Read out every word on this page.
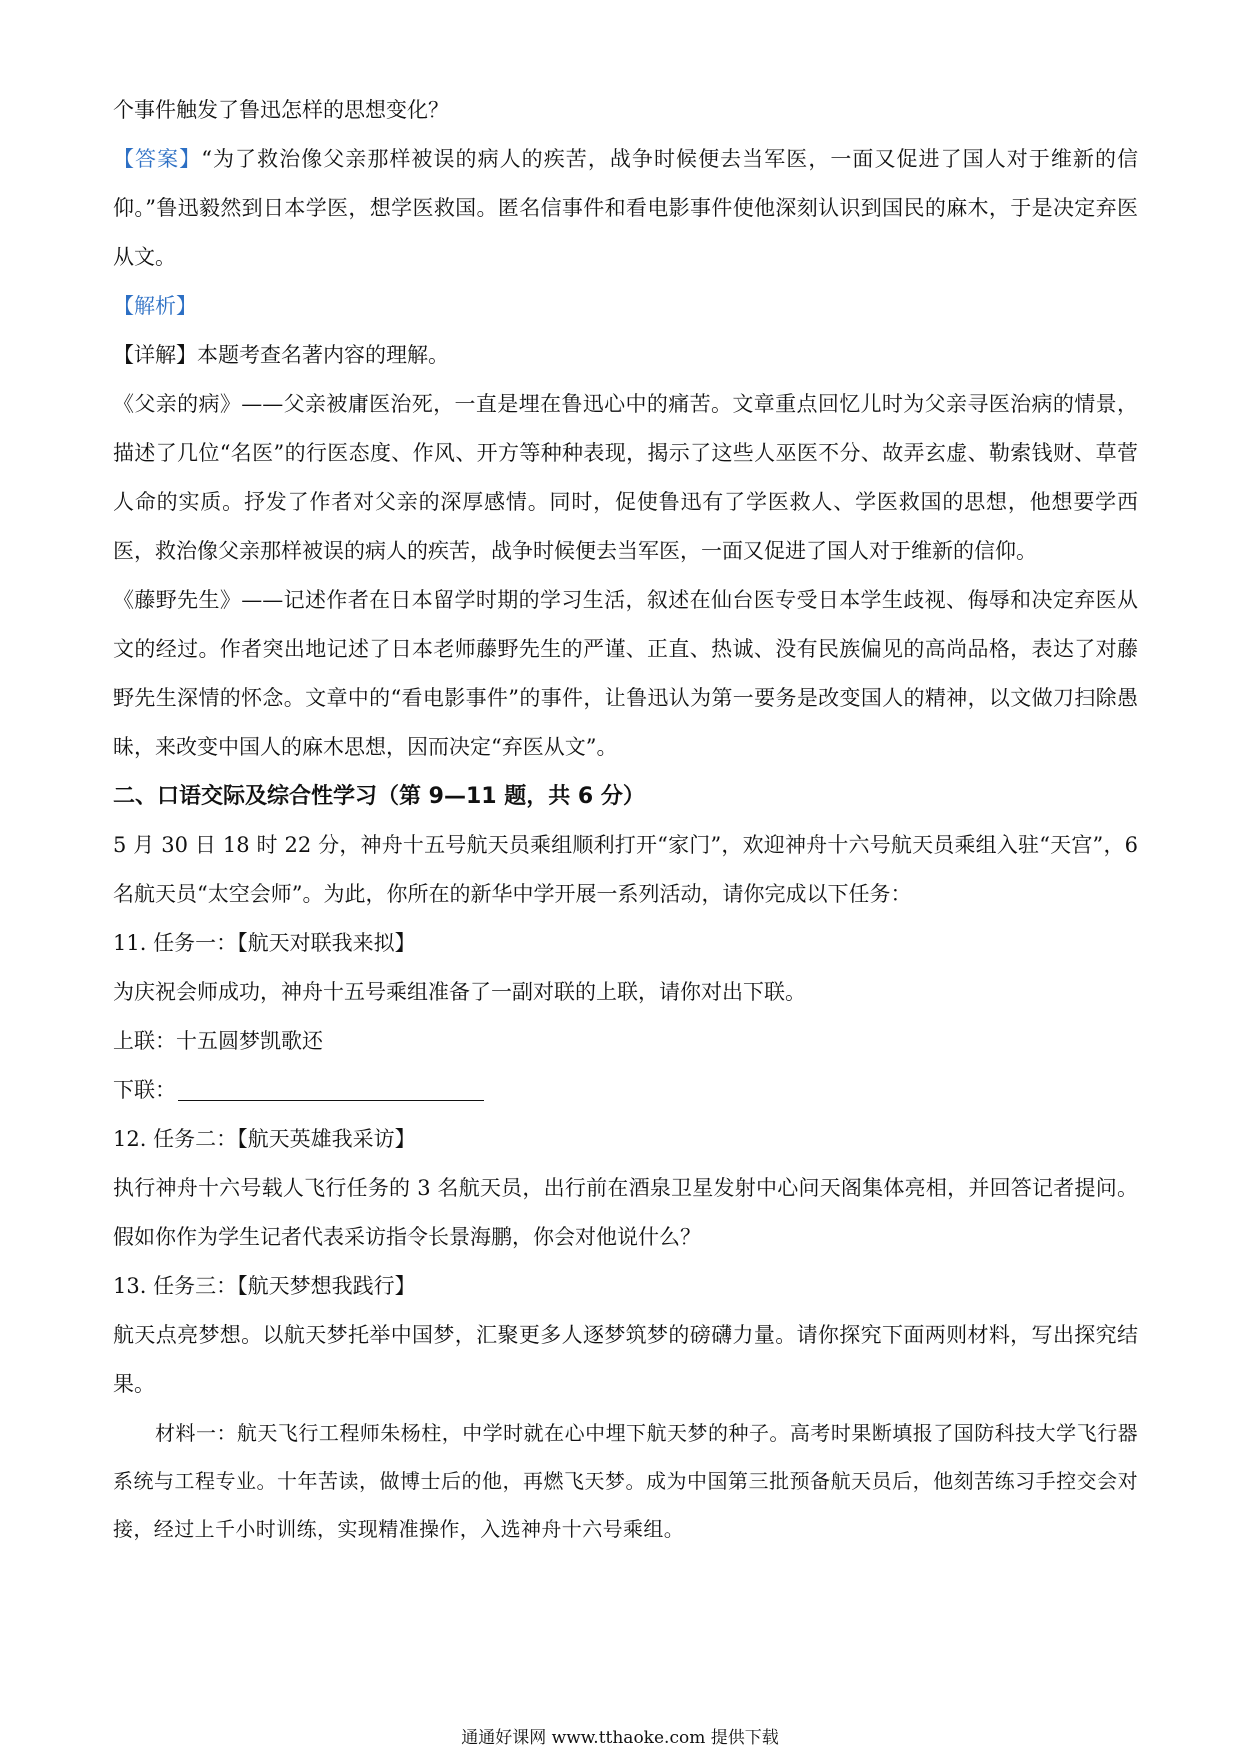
个事件触发了鲁迅怎样的思想变化？

【答案】“为了救治像父亲那样被误的病人的疾苦，战争时候便去当军医，一面又促进了国人对于维新的信仰。”鲁迅毅然到日本学医，想学医救国。匿名信事件和看电影事件使他深刻认识到国民的麻木，于是决定弃医从文。

【解析】

【详解】本题考查名著内容的理解。

《父亲的病》——父亲被庸医治死，一直是埋在鲁迅心中的痛苦。文章重点回忆儿时为父亲寻医治病的情景，描述了几位“名医”的行医态度、作风、开方等种种表现，揭示了这些人巫医不分、故弄玄虚、勒索钱财、草菅人命的实质。抒发了作者对父亲的深厚感情。同时，促使鲁迅有了学医救人、学医救国的思想，他想要学西医，救治像父亲那样被误的病人的疾苦，战争时候便去当军医，一面又促进了国人对于维新的信仰。

《藤野先生》——记述作者在日本留学时期的学习生活，叙述在仙台医专受日本学生歧视、侮辱和决定弃医从文的经过。作者突出地记述了日本老师藤野先生的严谨、正直、热诚、没有民族偏见的高尚品格，表达了对藤野先生深情的怀念。文章中的“看电影事件”的事件，让鲁迅认为第一要务是改变国人的精神，以文做刀扫除愚昧，来改变中国人的麻木思想，因而决定“弃医从文”。

二、口语交际及综合性学习（第 9—11 题，共 6 分）

5 月 30 日 18 时 22 分，神舟十五号航天员乘组顺利打开“家门”，欢迎神舟十六号航天员乘组入驻“天宫”，6 名航天员“太空会师”。为此，你所在的新华中学开展一系列活动，请你完成以下任务：

11. 任务一：【航天对联我来拟】

为庆祝会师成功，神舟十五号乘组准备了一副对联的上联，请你对出下联。

上联：十五圆梦凯歌还

下联：

12. 任务二：【航天英雄我采访】

执行神舟十六号载人飞行任务的 3 名航天员，出行前在酒泉卫星发射中心问天阁集体亮相，并回答记者提问。假如你作为学生记者代表采访指令长景海鹏，你会对他说什么？

13. 任务三：【航天梦想我践行】

航天点亮梦想。以航天梦托举中国梦，汇聚更多人逐梦筑梦的磅礴力量。请你探究下面两则材料，写出探究结果。

材料一：航天飞行工程师朱杨柱，中学时就在心中埋下航天梦的种子。高考时果断填报了国防科技大学飞行器系统与工程专业。十年苦读，做博士后的他，再燃飞天梦。成为中国第三批预备航天员后，他刻苦练习手控交会对接，经过上千小时训练，实现精准操作，入选神舟十六号乘组。

通通好课网 www.tthaoke.com 提供下载
